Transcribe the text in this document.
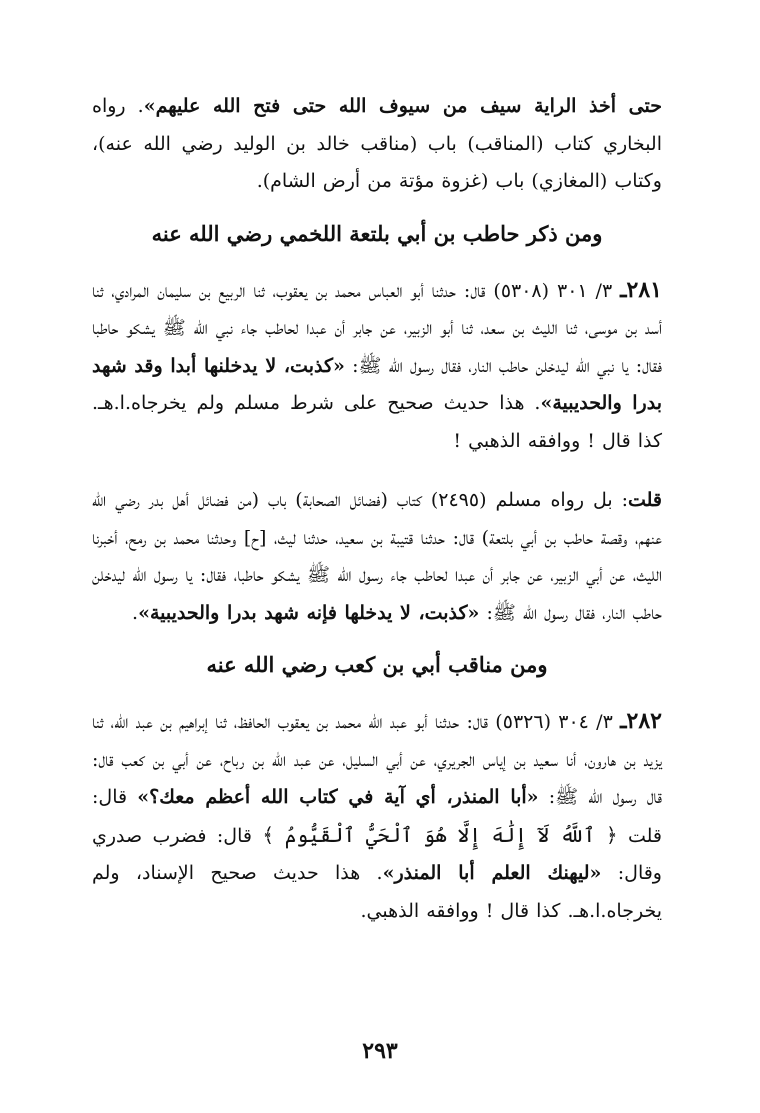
حتى أخذ الراية سيف من سيوف الله حتى فتح الله عليهم». رواه البخاري كتاب (المناقب) باب (مناقب خالد بن الوليد رضي الله عنه)، وكتاب (المغازي) باب (غزوة مؤتة من أرض الشام).

ومن ذكر حاطب بن أبي بلتعة اللخمي رضي الله عنه

٢٨١ـ ٣/ ٣٠١ (٥٣٠٨) قال: حدثنا أبو العباس محمد بن يعقوب، ثنا الربيع بن سليمان المرادي، ثنا أسد بن موسى، ثنا الليث بن سعد، ثنا أبو الزبير، عن جابر أن عبدا لحاطب جاء نبي الله ﷺ يشكو حاطبا فقال: يا نبي الله ليدخلن حاطب النار، فقال رسول الله ﷺ: «كذبت، لا يدخلنها أبدا وقد شهد بدرا والحديبية». هذا حديث صحيح على شرط مسلم ولم يخرجاه.ا.هـ. كذا قال ! ووافقه الذهبي !

قلت: بل رواه مسلم (٢٤٩٥) كتاب (فضائل الصحابة) باب (من فضائل أهل بدر رضي الله عنهم، وقصة حاطب بن أبي بلتعة) قال: حدثنا قتيبة بن سعيد، حدثنا ليث، [ح] وحدثنا محمد بن رمح، أخبرنا الليث، عن أبي الزبير، عن جابر أن عبدا لحاطب جاء رسول الله ﷺ يشكو حاطبا، فقال: يا رسول الله ليدخلن حاطب النار، فقال رسول الله ﷺ: «كذبت، لا يدخلها فإنه شهد بدرا والحديبية».

ومن مناقب أبي بن كعب رضي الله عنه

٢٨٢ـ ٣/ ٣٠٤ (٥٣٢٦) قال: حدثنا أبو عبد الله محمد بن يعقوب الحافظ، ثنا إبراهيم بن عبد الله، ثنا يزيد بن هارون، أنا سعيد بن إياس الجريري، عن أبي السليل، عن عبد الله بن رباح، عن أبي بن كعب قال: قال رسول الله ﷺ: «أبا المنذر، أي آية في كتاب الله أعظم معك؟» قال: قلت ﴿ ٱللَّهُ لَآ إِلَٰهَ إِلَّا هُوَ ٱلْحَيُّ ٱلْقَيُّومُ ﴾ قال: فضرب صدري وقال: «ليهنك العلم أبا المنذر». هذا حديث صحيح الإسناد، ولم يخرجاه.ا.هـ. كذا قال ! ووافقه الذهبي.

٢٩٣
